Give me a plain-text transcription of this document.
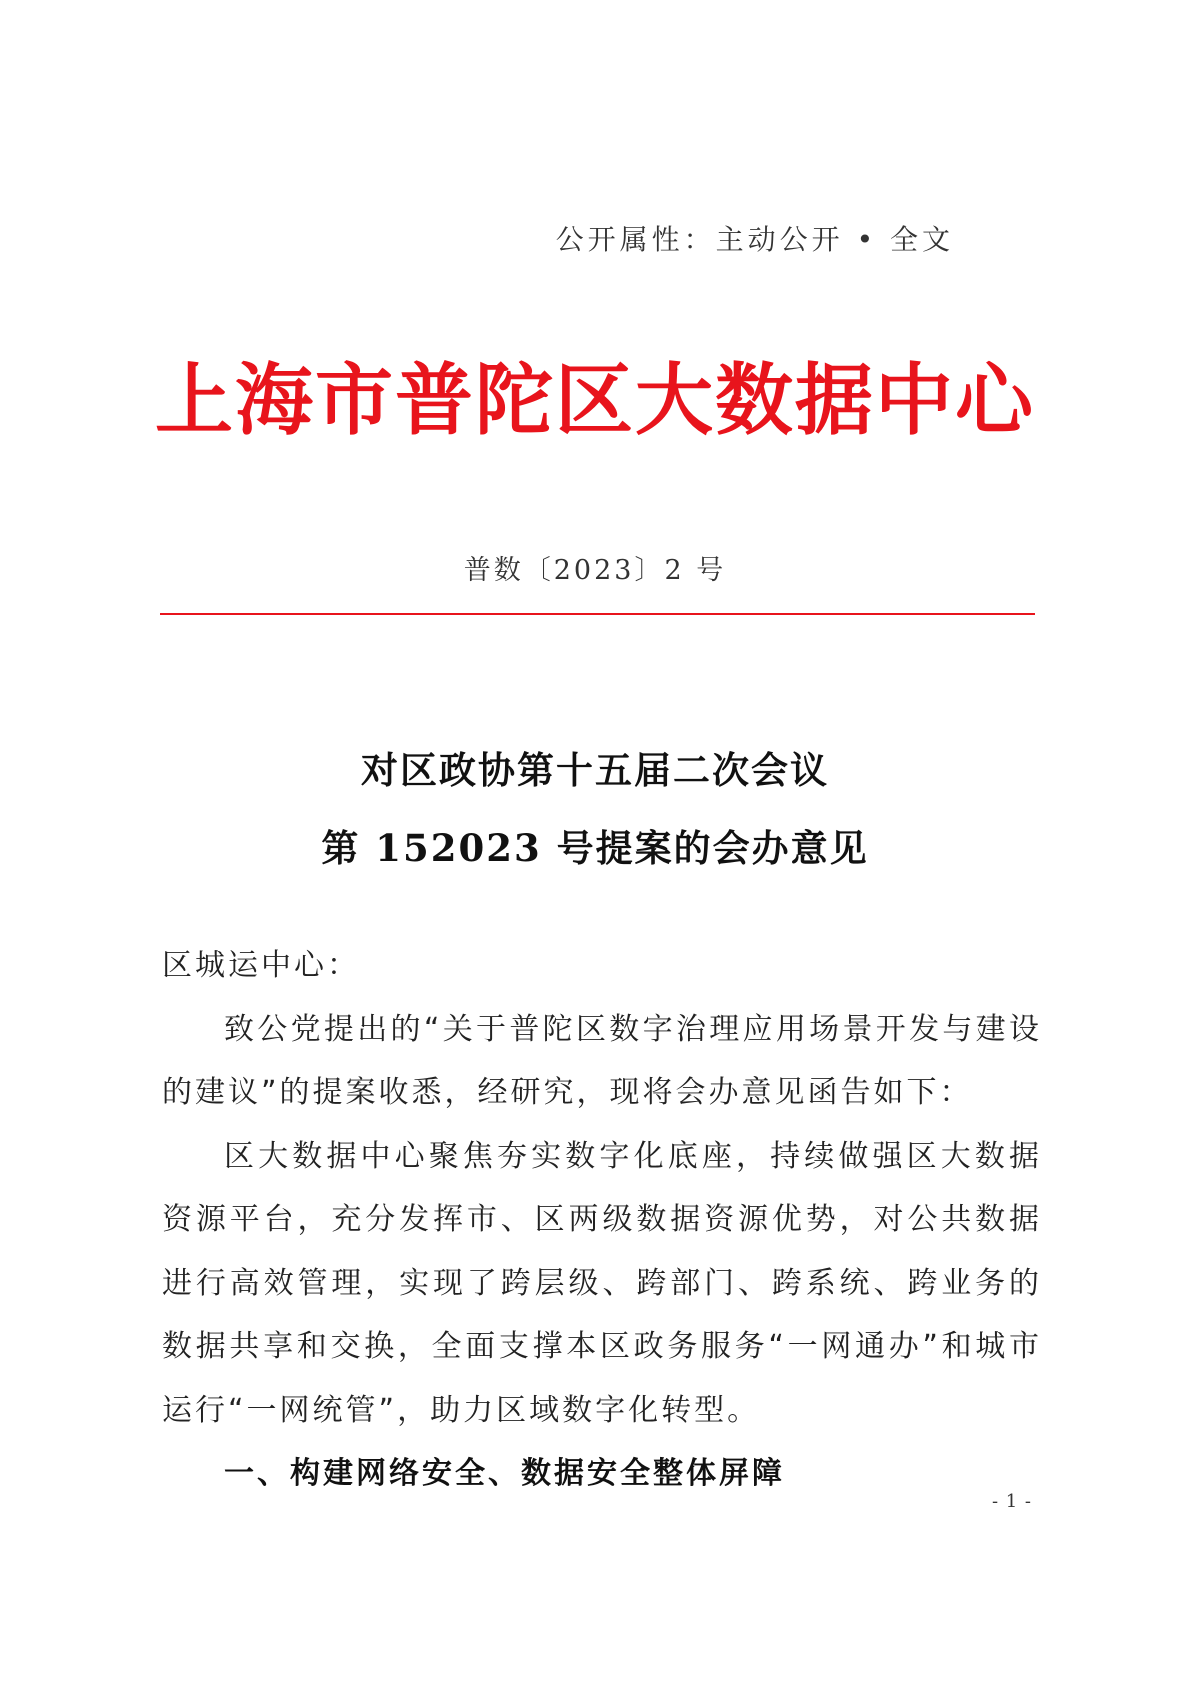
公开属性：主动公开 • 全文
上海市普陀区大数据中心
普数〔2023〕2 号
对区政协第十五届二次会议
第 152023 号提案的会办意见

区城运中心：

致公党提出的“关于普陀区数字治理应用场景开发与建设的建议”的提案收悉，经研究，现将会办意见函告如下：

区大数据中心聚焦夯实数字化底座，持续做强区大数据资源平台，充分发挥市、区两级数据资源优势，对公共数据进行高效管理，实现了跨层级、跨部门、跨系统、跨业务的数据共享和交换，全面支撑本区政务服务“一网通办”和城市运行“一网统管”，助力区域数字化转型。

一、构建网络安全、数据安全整体屏障

- 1 -
